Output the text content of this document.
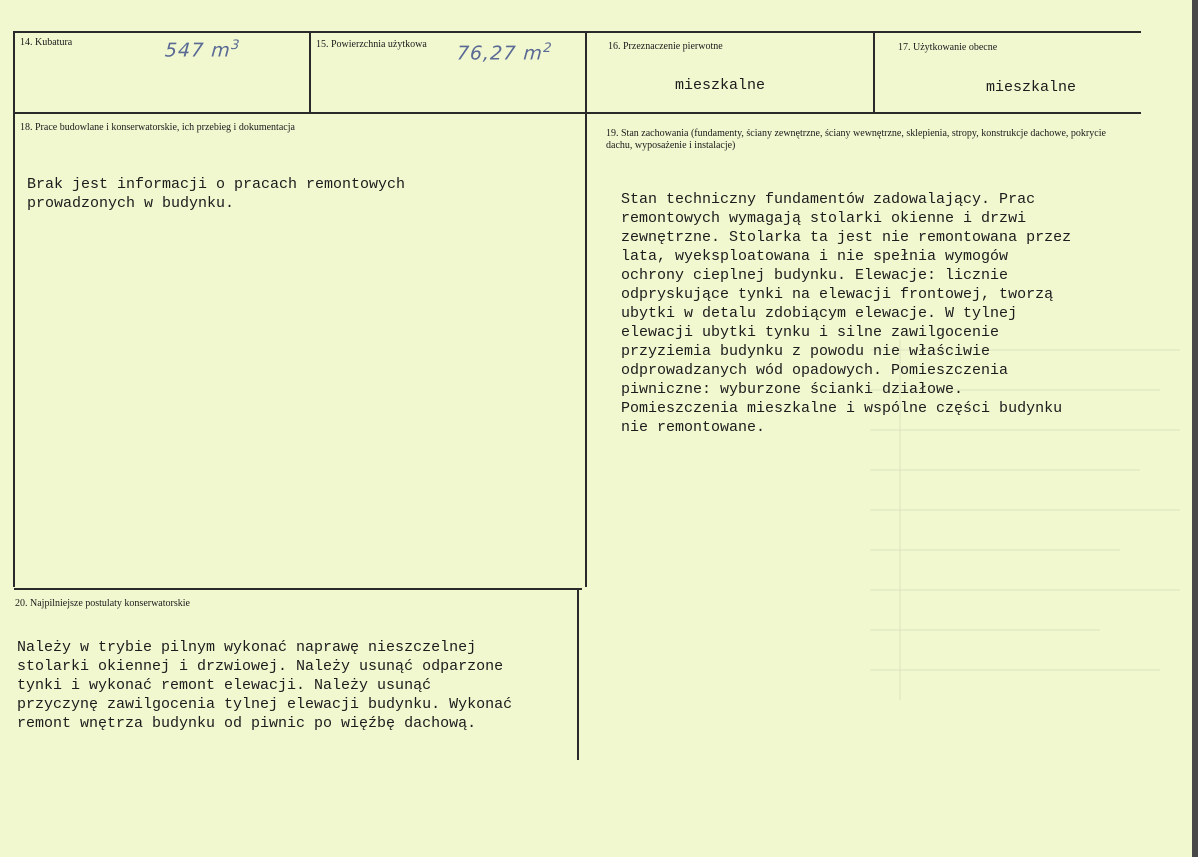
14. Kubatura	547 $m^3$	15. Powierzchnia użytkowa 76,27 $m^2$	16. Przeznaczenie pierwotne
mieszkalne
17. Użytkowanie obecne
mieszkalne
18. Prace budowlane i konserwatorskie, ich przebieg i dokumentacja
Brak jest informacji o pracach remontowych
prowadzonych w budynku.
19. Stan zachowania (fundamenty, ściany zewnętrzne, ściany wewnętrzne, sklepienia, stropy, konstrukcje dachowe, pokrycie dachu, wyposażenie i instalacje)
Stan techniczny fundamentów zadowalający. Prac
remontowych wymagają stolarki okienne i drzwi
zewnętrzne. Stolarka ta jest nie remontowana przez
lata, wyeksploatowana i nie spełnia wymogów
ochrony cieplnej budynku. Elewacje: licznie
odpryskujące tynki na elewacji frontowej, tworzą
ubytki w detalu zdobiącym elewacje. W tylnej
elewacji ubytki tynku i silne zawilgocenie
przyziemia budynku z powodu nie właściwie
odprowadzanych wód opadowych. Pomieszczenia
piwniczne: wyburzone ścianki działowe.
Pomieszczenia mieszkalne i wspólne części budynku
nie remontowane.
20. Najpilniejsze postulaty konserwatorskie
Należy w trybie pilnym wykonać naprawę nieszczelnej
stolarki okiennej i drzwiowej. Należy usunąć odparzone
tynki i wykonać remont elewacji. Należy usunąć
przyczynę zawilgocenia tylnej elewacji budynku. Wykonać
remont wnętrza budynku od piwnic po więźbę dachową.
